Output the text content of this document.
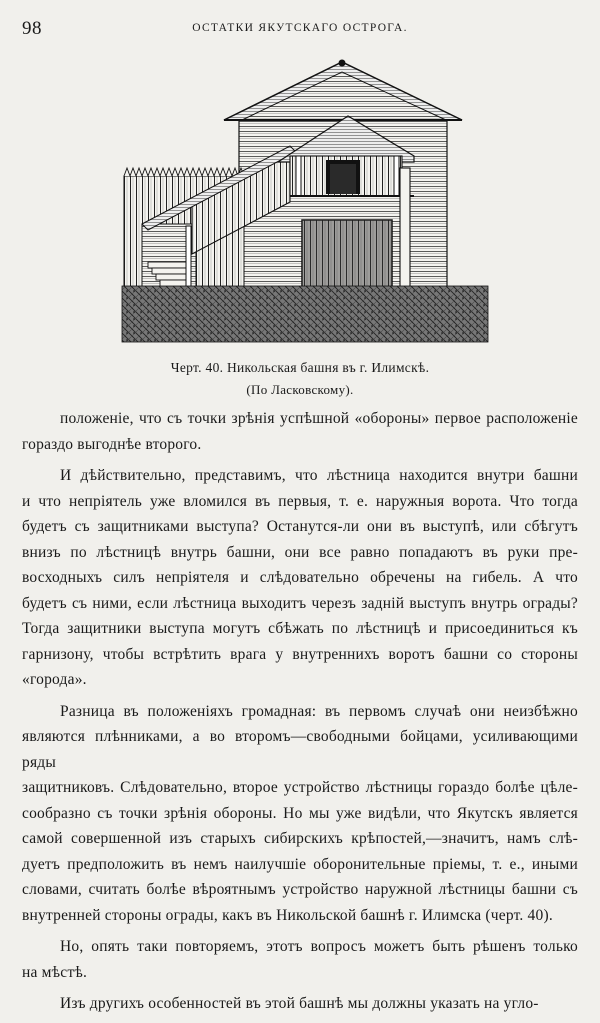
98	ОСТАТКИ ЯКУТСКАГО ОСТРОГА.
Черт. 40. Никольская башня въ г. Илимскѣ.
(По Ласковскому).

положеніе, что съ точки зрѣнія успѣшной «обороны» первое расположеніе

гораздо выгоднѣе второго.

И дѣйствительно, представимъ, что лѣстница находится внутри башни

и что непріятель уже вломился въ первыя, т. е. наружныя ворота. Что тогда

будетъ съ защитниками выступа? Останутся-ли они въ выступѣ, или сбѣгутъ

внизъ по лѣстницѣ внутрь башни, они все равно попадаютъ въ руки пре-

восходныхъ силъ непріятеля и слѣдовательно обречены на гибель. А что

будетъ съ ними, если лѣстница выходитъ черезъ задній выступъ внутрь ограды?

Тогда защитники выступа могутъ сбѣжать по лѣстницѣ и присоединиться къ

гарнизону, чтобы встрѣтить врага у внутреннихъ воротъ башни со стороны

«города».

Разница въ положеніяхъ громадная: въ первомъ случаѣ они неизбѣжно

являются плѣнниками, а во второмъ—свободными бойцами, усиливающими ряды

защитниковъ. Слѣдовательно, второе устройство лѣстницы гораздо болѣе цѣле-

сообразно съ точки зрѣнія обороны. Но мы уже видѣли, что Якутскъ является

самой совершенной изъ старыхъ сибирскихъ крѣпостей,—значитъ, намъ слѣ-

дуетъ предположить въ немъ наилучшіе оборонительные пріемы, т. е., иными

словами, считать болѣе вѣроятнымъ устройство наружной лѣстницы башни съ

внутренней стороны ограды, какъ въ Никольской башнѣ г. Илимска (черт. 40).

Но, опять таки повторяемъ, этотъ вопросъ можетъ быть рѣшенъ только

на мѣстѣ.

Изъ другихъ особенностей въ этой башнѣ мы должны указать на угло-
